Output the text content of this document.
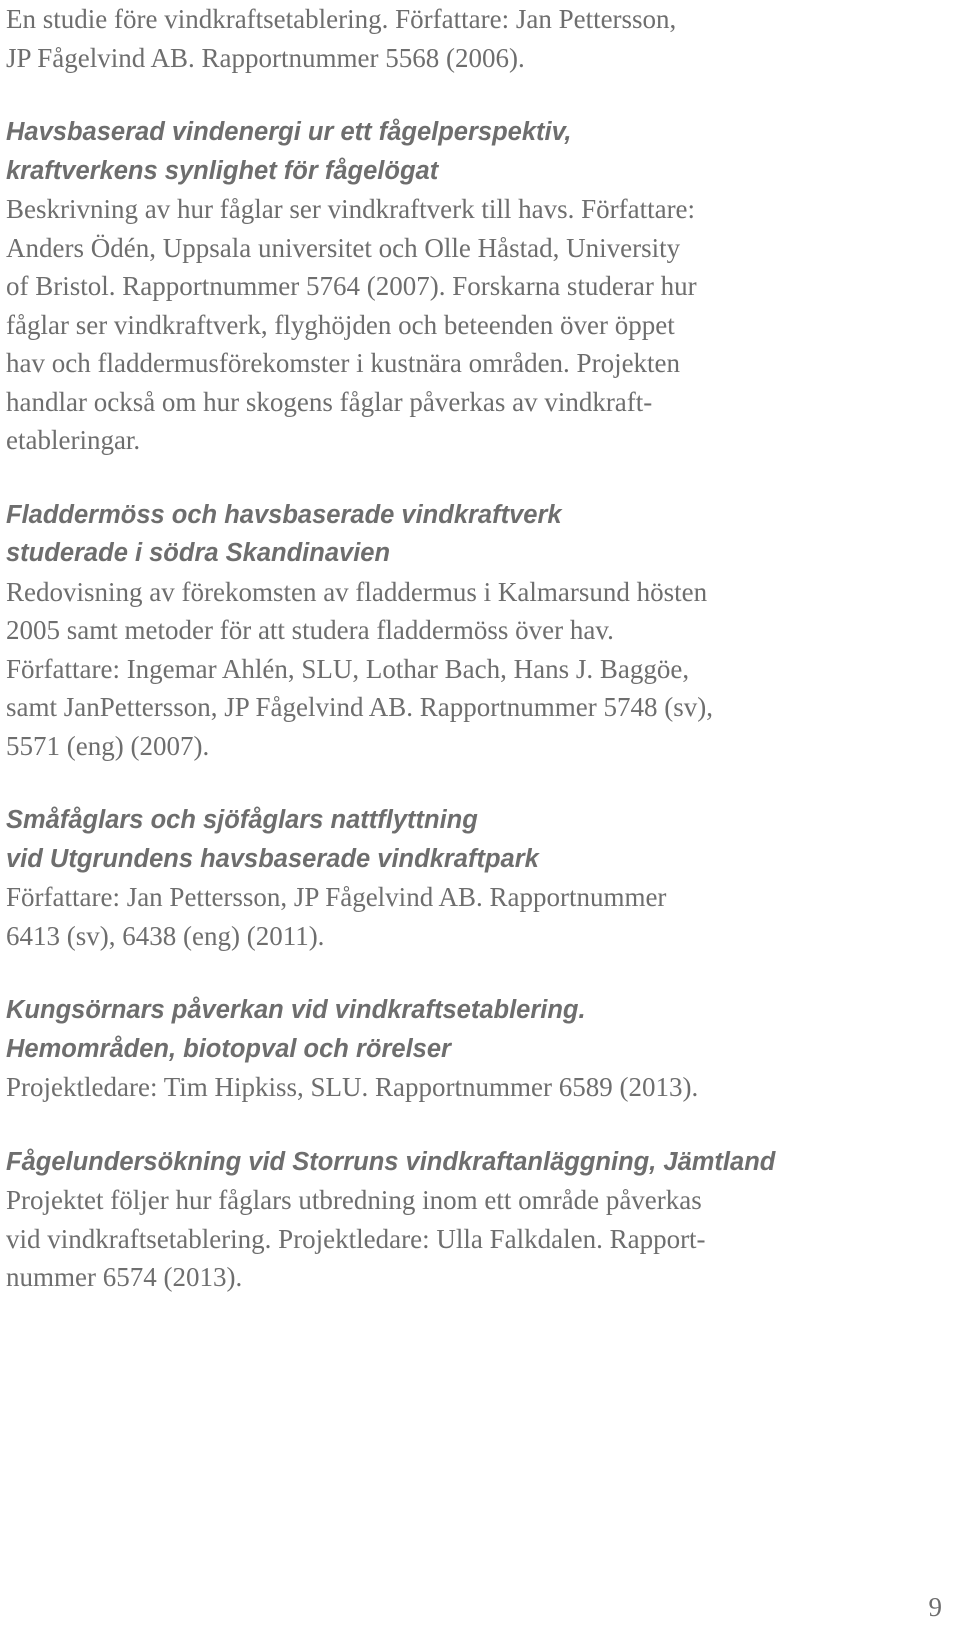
En studie före vindkraftsetablering. Författare: Jan Pettersson,
JP Fågelvind AB. Rapportnummer 5568 (2006).

Havsbaserad vindenergi ur ett fågelperspektiv,
kraftverkens synlighet för fågelögat

Beskrivning av hur fåglar ser vindkraftverk till havs. Författare:
Anders Ödén, Uppsala universitet och Olle Håstad, University
of Bristol. Rapportnummer 5764 (2007). Forskarna studerar hur
fåglar ser vindkraftverk, flyghöjden och beteenden över öppet
hav och fladdermusförekomster i kustnära områden. Projekten
handlar också om hur skogens fåglar påverkas av vindkraft-
etableringar.

Fladdermöss och havsbaserade vindkraftverk
studerade i södra Skandinavien

Redovisning av förekomsten av fladdermus i Kalmarsund hösten
2005 samt metoder för att studera fladdermöss över hav.
Författare: Ingemar Ahlén, SLU, Lothar Bach, Hans J. Baggöe,
samt JanPettersson, JP Fågelvind AB. Rapportnummer 5748 (sv),
5571 (eng) (2007).

Småfåglars och sjöfåglars nattflyttning
vid Utgrundens havsbaserade vindkraftpark

Författare: Jan Pettersson, JP Fågelvind AB. Rapportnummer
6413 (sv), 6438 (eng) (2011).

Kungsörnars påverkan vid vindkraftsetablering.
Hemområden, biotopval och rörelser

Projektledare: Tim Hipkiss, SLU. Rapportnummer 6589 (2013).

Fågelundersökning vid Storruns vindkraftanläggning, Jämtland

Projektet följer hur fåglars utbredning inom ett område påverkas
vid vindkraftsetablering. Projektledare: Ulla Falkdalen. Rapport-
nummer 6574 (2013).

9
